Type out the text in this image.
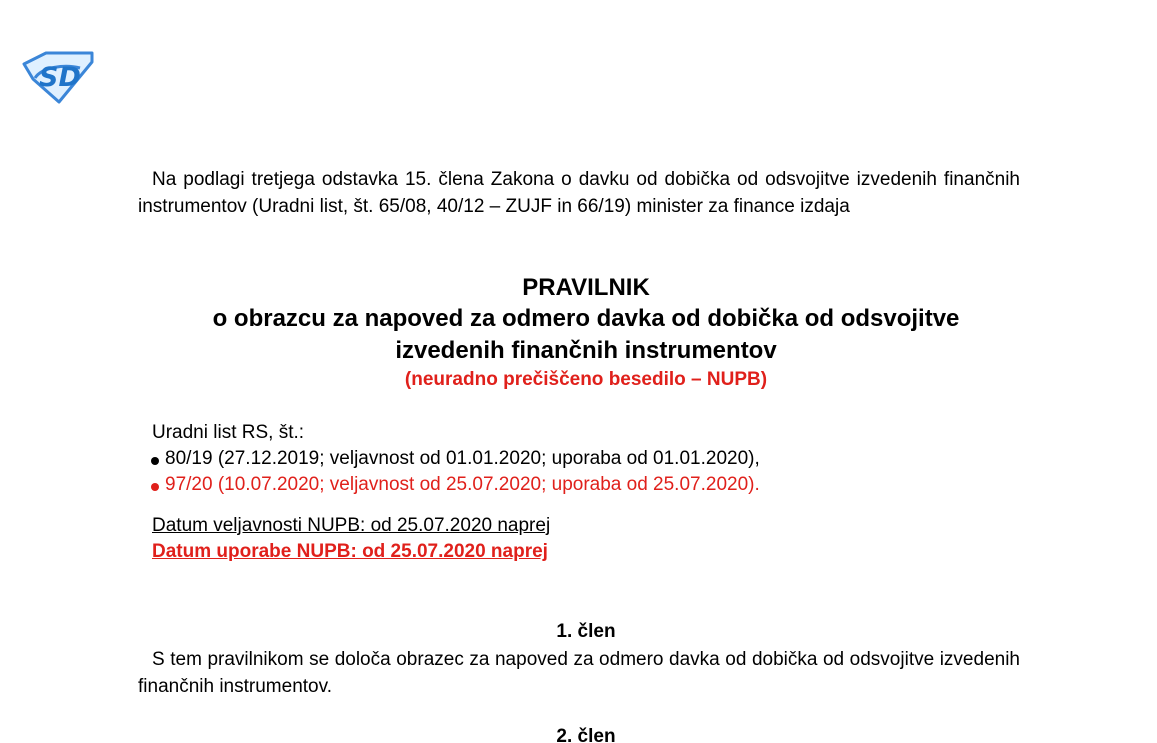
SD
Na podlagi tretjega odstavka 15. člena Zakona o davku od dobička od odsvojitve izvedenih finančnih instrumentov (Uradni list, št. 65/08, 40/12 – ZUJF in 66/19) minister za finance izdaja
PRAVILNIK
o obrazcu za napoved za odmero davka od dobička od odsvojitve
izvedenih finančnih instrumentov
(neuradno prečiščeno besedilo – NUPB)
Uradni list RS, št.:
80/19 (27.12.2019; veljavnost od 01.01.2020; uporaba od 01.01.2020),
97/20 (10.07.2020; veljavnost od 25.07.2020; uporaba od 25.07.2020).
Datum veljavnosti NUPB: od 25.07.2020 naprej
Datum uporabe NUPB: od 25.07.2020 naprej
1. člen
S tem pravilnikom se določa obrazec za napoved za odmero davka od dobička od odsvojitve izvedenih finančnih instrumentov.
2. člen
